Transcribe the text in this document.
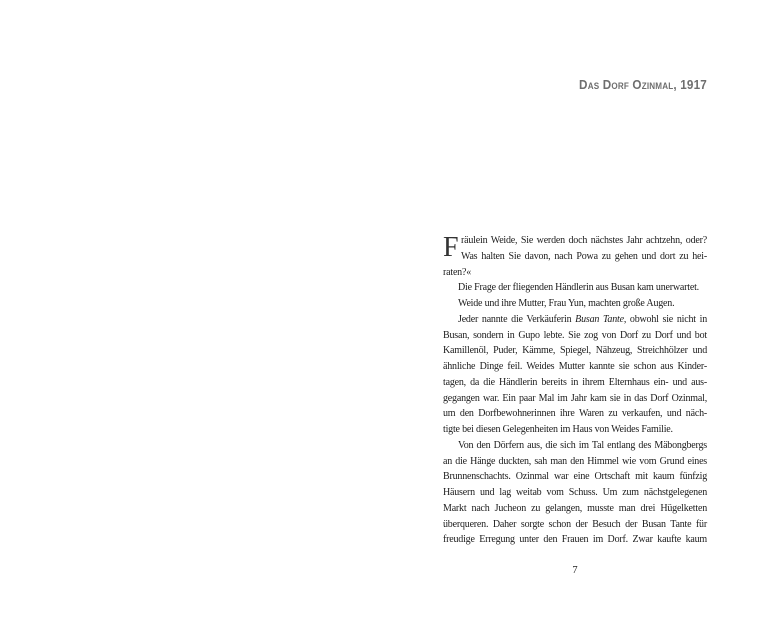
Das Dorf Ozinmal, 1917
F räulein Weide, Sie werden doch nächstes Jahr achtzehn, oder?
Was halten Sie davon, nach Powa zu gehen und dort zu hei-
raten?«
Die Frage der fliegenden Händlerin aus Busan kam unerwartet.
Weide und ihre Mutter, Frau Yun, machten große Augen.
Jeder nannte die Verkäuferin Busan Tante, obwohl sie nicht in
Busan, sondern in Gupo lebte. Sie zog von Dorf zu Dorf und bot
Kamillenöl, Puder, Kämme, Spiegel, Nähzeug, Streichhölzer und
ähnliche Dinge feil. Weides Mutter kannte sie schon aus Kinder-
tagen, da die Händlerin bereits in ihrem Elternhaus ein- und aus-
gegangen war. Ein paar Mal im Jahr kam sie in das Dorf Ozinmal,
um den Dorfbewohnerinnen ihre Waren zu verkaufen, und näch-
tigte bei diesen Gelegenheiten im Haus von Weides Familie.
Von den Dörfern aus, die sich im Tal entlang des Mäbongbergs
an die Hänge duckten, sah man den Himmel wie vom Grund eines
Brunnenschachts. Ozinmal war eine Ortschaft mit kaum fünfzig
Häusern und lag weitab vom Schuss. Um zum nächstgelegenen
Markt nach Jucheon zu gelangen, musste man drei Hügelketten
überqueren. Daher sorgte schon der Besuch der Busan Tante für
freudige Erregung unter den Frauen im Dorf. Zwar kaufte kaum
7
